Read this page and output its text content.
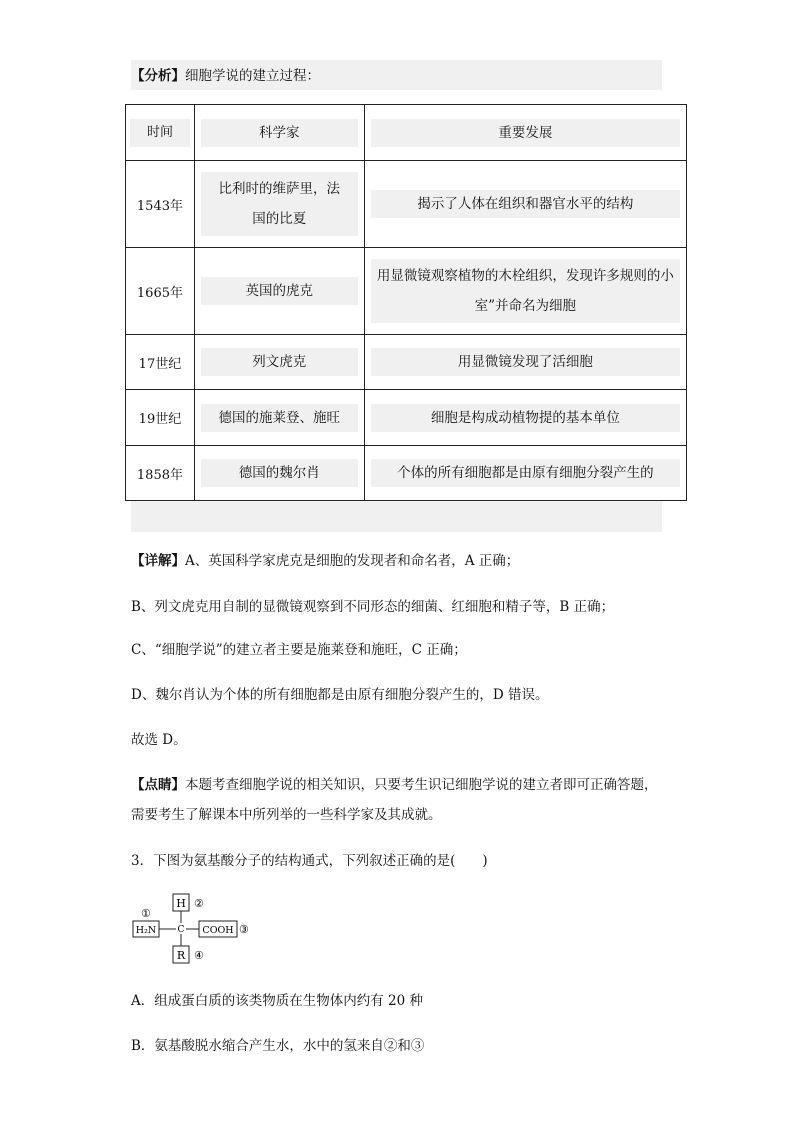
【分析】细胞学说的建立过程：
时间	科学家	重要发展

1543年	比利时的维萨里，法国的比夏	揭示了人体在组织和器官水平的结构

1665年	英国的虎克	用显微镜观察植物的木栓组织，发现许多规则的小室”并命名为细胞

17世纪	列文虎克	用显微镜发现了活细胞

19世纪	德国的施莱登、施旺	细胞是构成动植物提的基本单位

1858年	德国的魏尔肖	个体的所有细胞都是由原有细胞分裂产生的
【详解】A、英国科学家虎克是细胞的发现者和命名者，A 正确；
B、列文虎克用自制的显微镜观察到不同形态的细菌、红细胞和精子等，B 正确；
C、“细胞学说”的建立者主要是施莱登和施旺，C 正确；
D、魏尔肖认为个体的所有细胞都是由原有细胞分裂产生的，D 错误。
故选 D。
【点睛】本题考查细胞学说的相关知识，只要考生识记细胞学说的建立者即可正确答题，
需要考生了解课本中所列举的一些科学家及其成就。
3．下图为氨基酸分子的结构通式，下列叙述正确的是(　　)
H ②
①
H₂N C COOH ③
R ④
A．组成蛋白质的该类物质在生物体内约有 20 种
B．氨基酸脱水缩合产生水，水中的氢来自②和③
